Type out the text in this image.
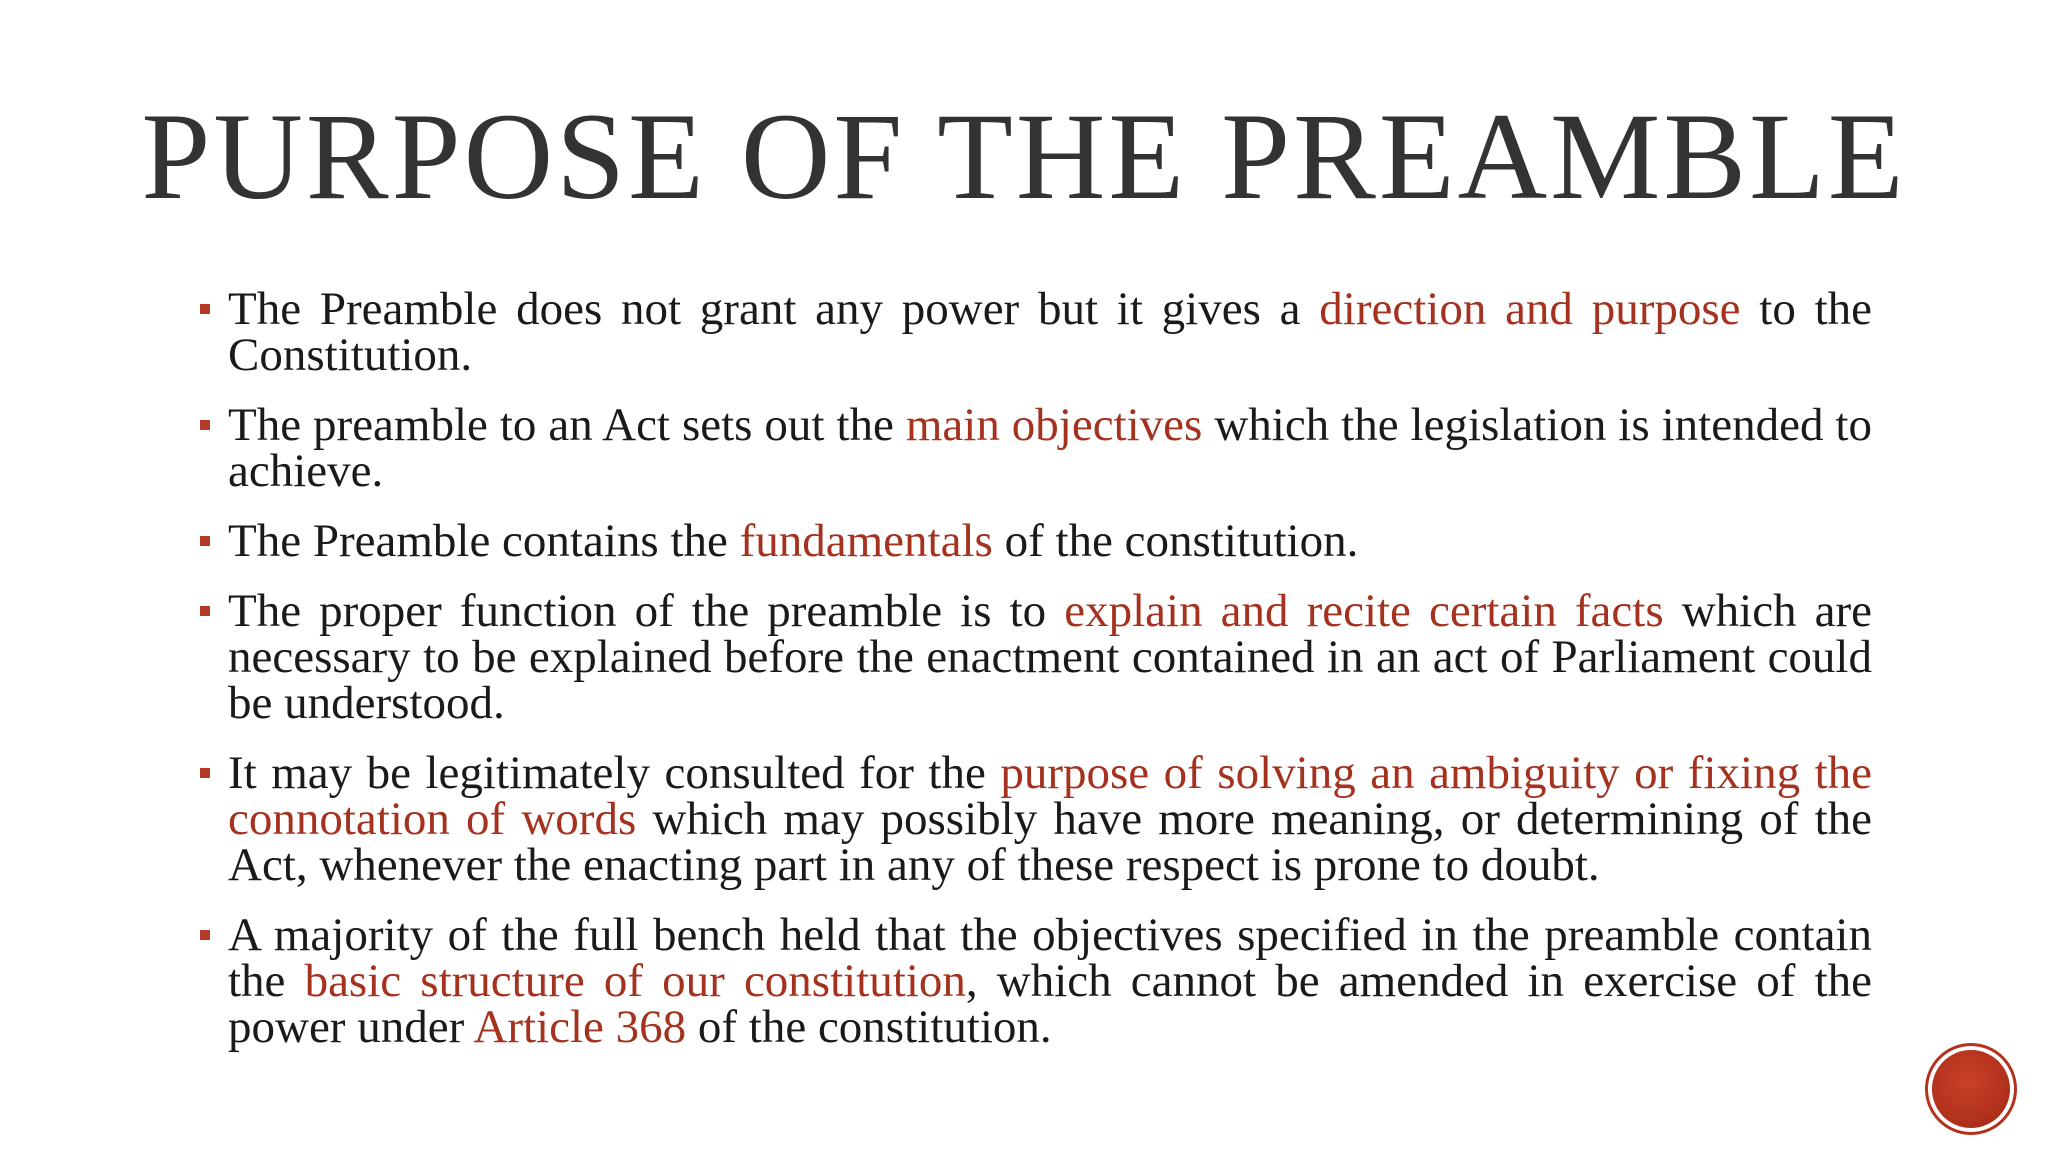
PURPOSE OF THE PREAMBLE
The Preamble does not grant any power but it gives a direction and purpose to the Constitution.
The preamble to an Act sets out the main objectives which the legislation is intended to achieve.
The Preamble contains the fundamentals of the constitution.
The proper function of the preamble is to explain and recite certain facts which are necessary to be explained before the enactment contained in an act of Parliament could be understood.
It may be legitimately consulted for the purpose of solving an ambiguity or fixing the connotation of words which may possibly have more meaning, or determining of the Act, whenever the enacting part in any of these respect is prone to doubt.
A majority of the full bench held that the objectives specified in the preamble contain the basic structure of our constitution, which cannot be amended in exercise of the power under Article 368 of the constitution.
